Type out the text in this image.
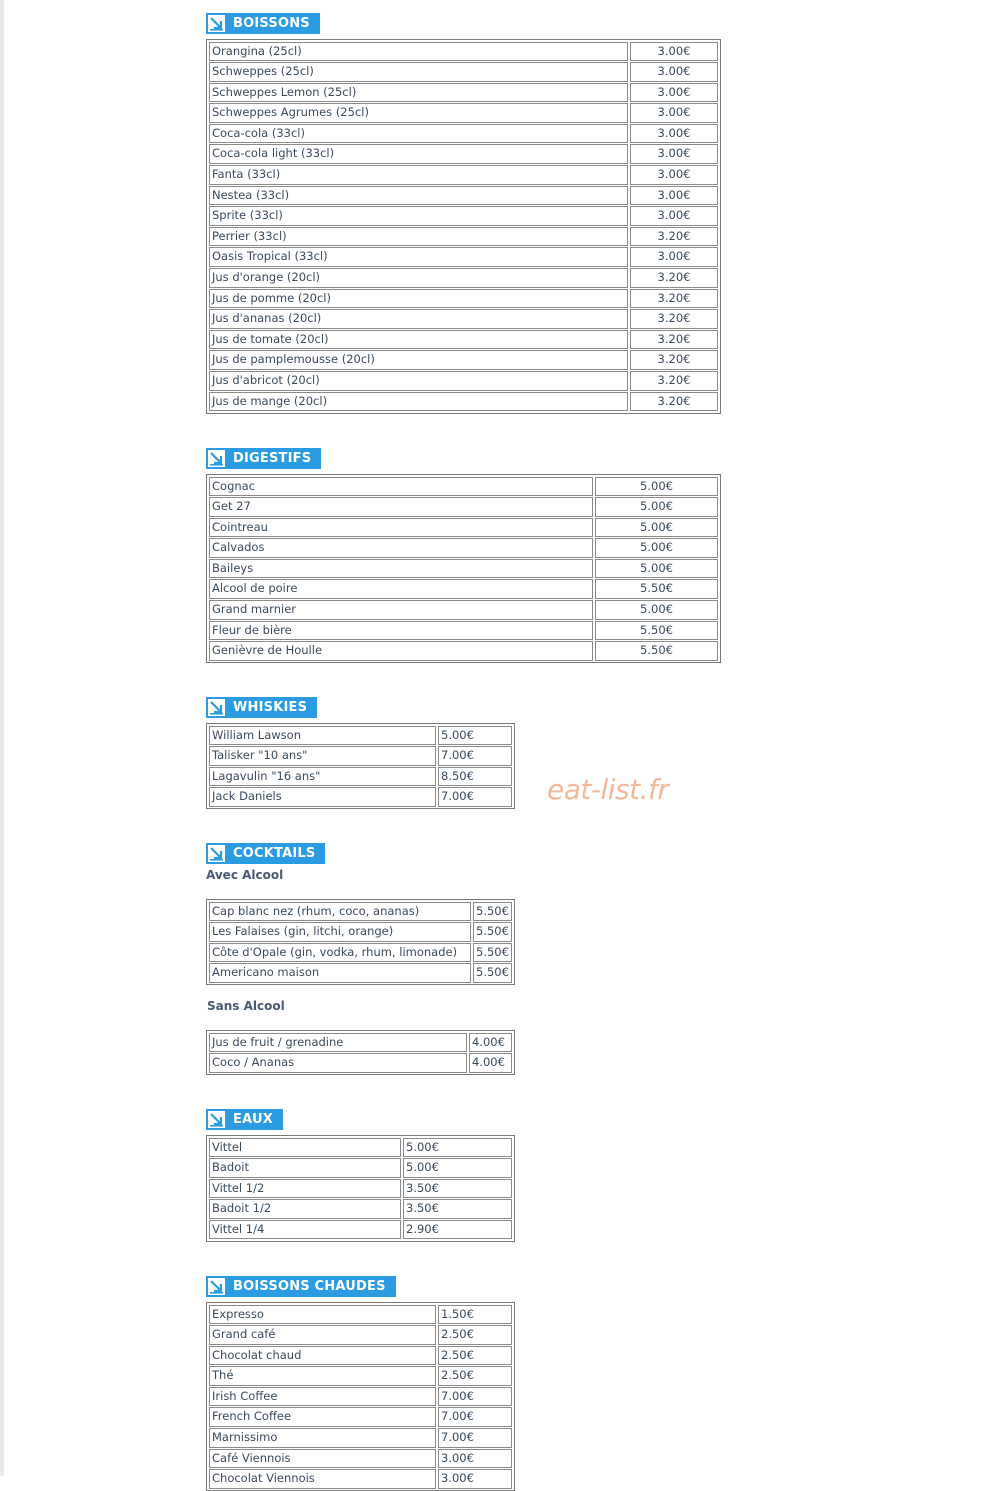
BOISSONS
Orangina (25cl)	3.00€
Schweppes (25cl)	3.00€
Schweppes Lemon (25cl)	3.00€
Schweppes Agrumes (25cl)	3.00€
Coca-cola (33cl)	3.00€
Coca-cola light (33cl)	3.00€
Fanta (33cl)	3.00€
Nestea (33cl)	3.00€
Sprite (33cl)	3.00€
Perrier (33cl)	3.20€
Oasis Tropical (33cl)	3.00€
Jus d'orange (20cl)	3.20€
Jus de pomme (20cl)	3.20€
Jus d'ananas (20cl)	3.20€
Jus de tomate (20cl)	3.20€
Jus de pamplemousse (20cl)	3.20€
Jus d'abricot (20cl)	3.20€
Jus de mange (20cl)	3.20€
DIGESTIFS
Cognac	5.00€
Get 27	5.00€
Cointreau	5.00€
Calvados	5.00€
Baileys	5.00€
Alcool de poire	5.50€
Grand marnier	5.00€
Fleur de bière	5.50€
Genièvre de Houlle	5.50€
WHISKIES
William Lawson	5.00€
Talisker "10 ans"	7.00€
Lagavulin "16 ans"	8.50€
Jack Daniels	7.00€	eat-list.fr
COCKTAILS
Avec Alcool
Cap blanc nez (rhum, coco, ananas)	5.50€
Les Falaises (gin, litchi, orange)	5.50€
Côte d'Opale (gin, vodka, rhum, limonade)	5.50€
Americano maison	5.50€
Sans Alcool
Jus de fruit / grenadine	4.00€
Coco / Ananas	4.00€
EAUX
Vittel	5.00€
Badoit	5.00€
Vittel 1/2	3.50€
Badoit 1/2	3.50€
Vittel 1/4	2.90€
BOISSONS CHAUDES
Expresso	1.50€
Grand café	2.50€
Chocolat chaud	2.50€
Thé	2.50€
Irish Coffee	7.00€
French Coffee	7.00€
Marnissimo	7.00€
Café Viennois	3.00€
Chocolat Viennois	3.00€
